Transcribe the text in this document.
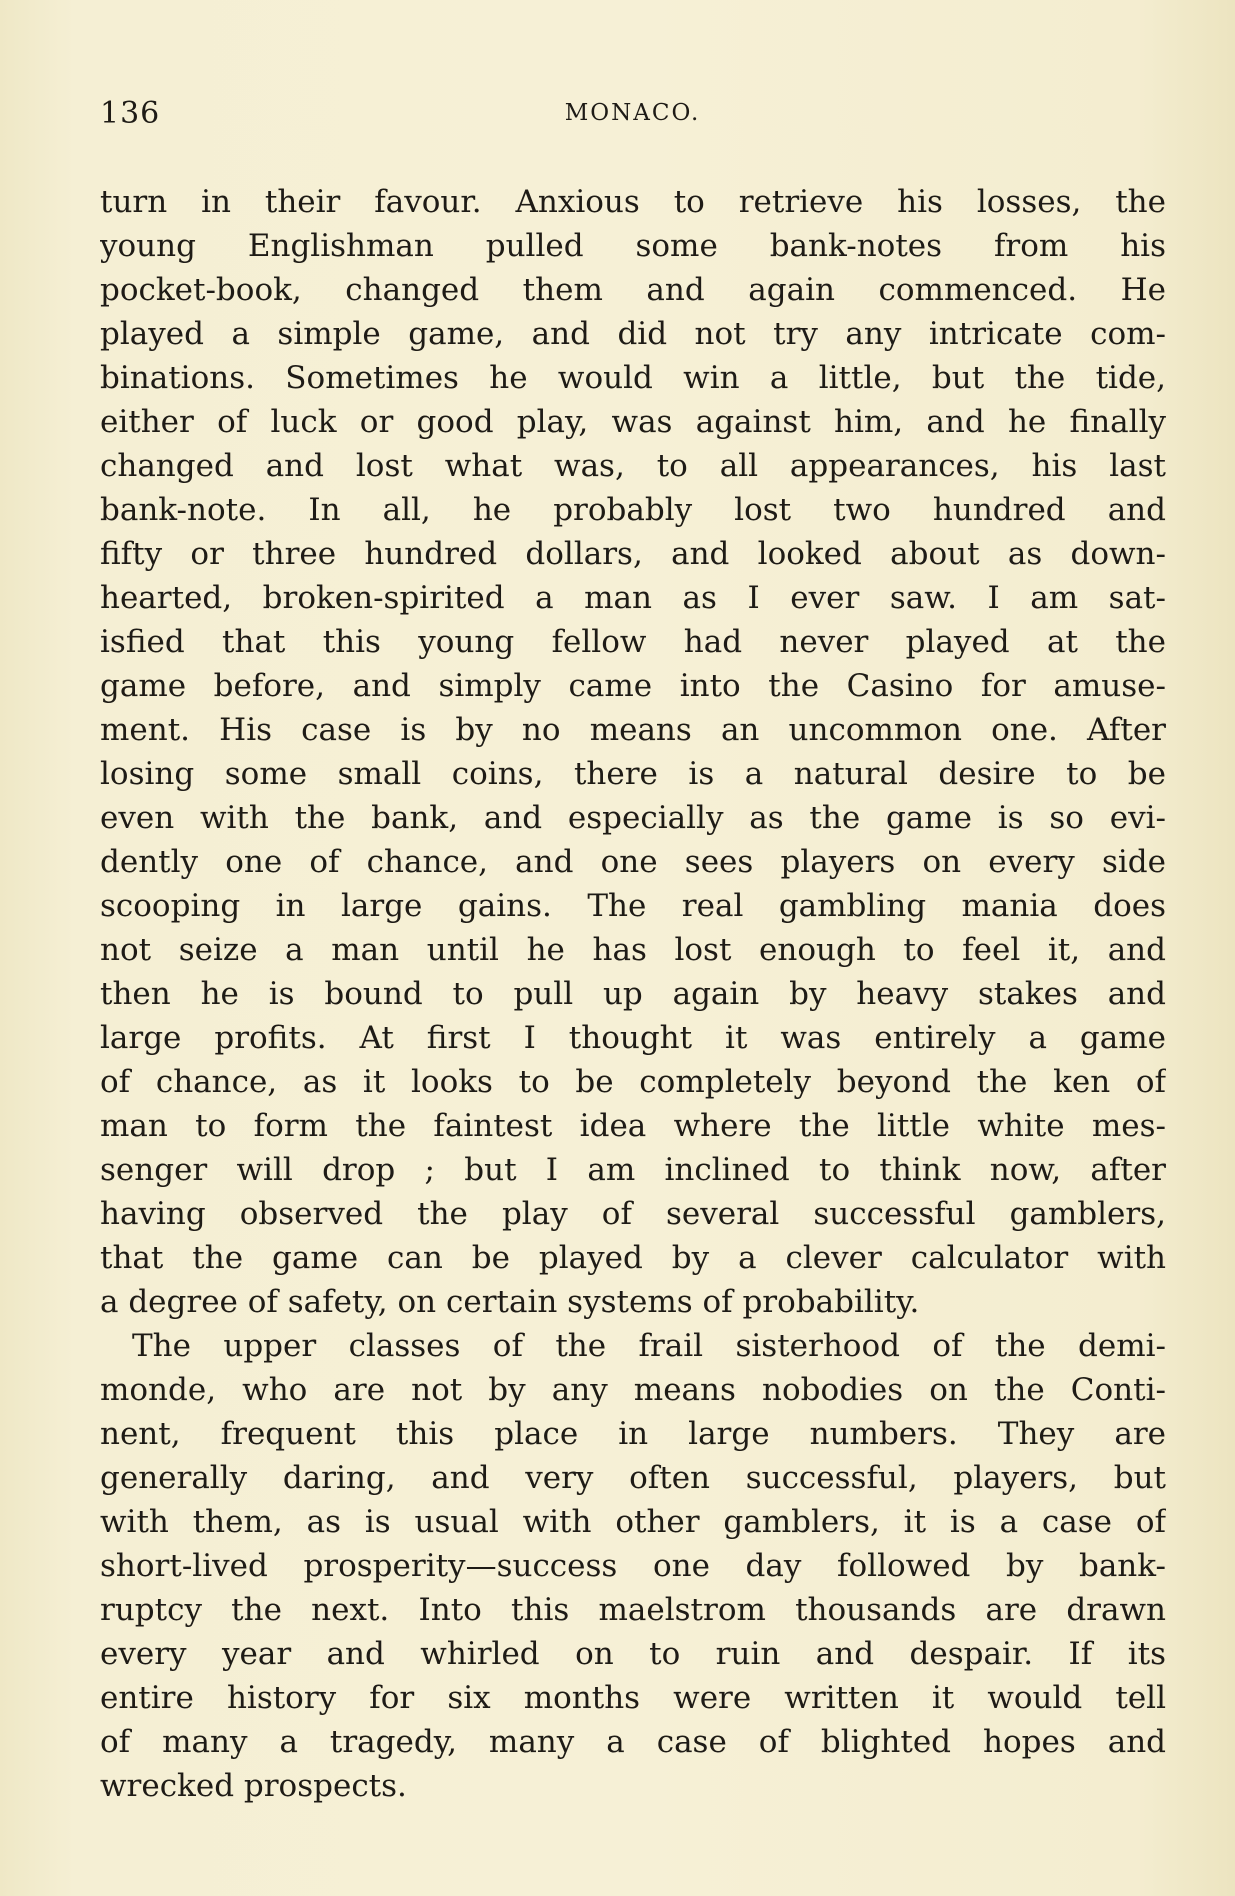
136	MONACO.
turn in their favour. Anxious to retrieve his losses, the
young Englishman pulled some bank-notes from his
pocket-book, changed them and again commenced. He
played a simple game, and did not try any intricate com-
binations. Sometimes he would win a little, but the tide,
either of luck or good play, was against him, and he finally
changed and lost what was, to all appearances, his last
bank-note. In all, he probably lost two hundred and
fifty or three hundred dollars, and looked about as down-
hearted, broken-spirited a man as I ever saw. I am sat-
isfied that this young fellow had never played at the
game before, and simply came into the Casino for amuse-
ment. His case is by no means an uncommon one. After
losing some small coins, there is a natural desire to be
even with the bank, and especially as the game is so evi-
dently one of chance, and one sees players on every side
scooping in large gains. The real gambling mania does
not seize a man until he has lost enough to feel it, and
then he is bound to pull up again by heavy stakes and
large profits. At first I thought it was entirely a game
of chance, as it looks to be completely beyond the ken of
man to form the faintest idea where the little white mes-
senger will drop ; but I am inclined to think now, after
having observed the play of several successful gamblers,
that the game can be played by a clever calculator with
a degree of safety, on certain systems of probability.
The upper classes of the frail sisterhood of the demi-
monde, who are not by any means nobodies on the Conti-
nent, frequent this place in large numbers. They are
generally daring, and very often successful, players, but
with them, as is usual with other gamblers, it is a case of
short-lived prosperity—success one day followed by bank-
ruptcy the next. Into this maelstrom thousands are drawn
every year and whirled on to ruin and despair. If its
entire history for six months were written it would tell
of many a tragedy, many a case of blighted hopes and
wrecked prospects.
